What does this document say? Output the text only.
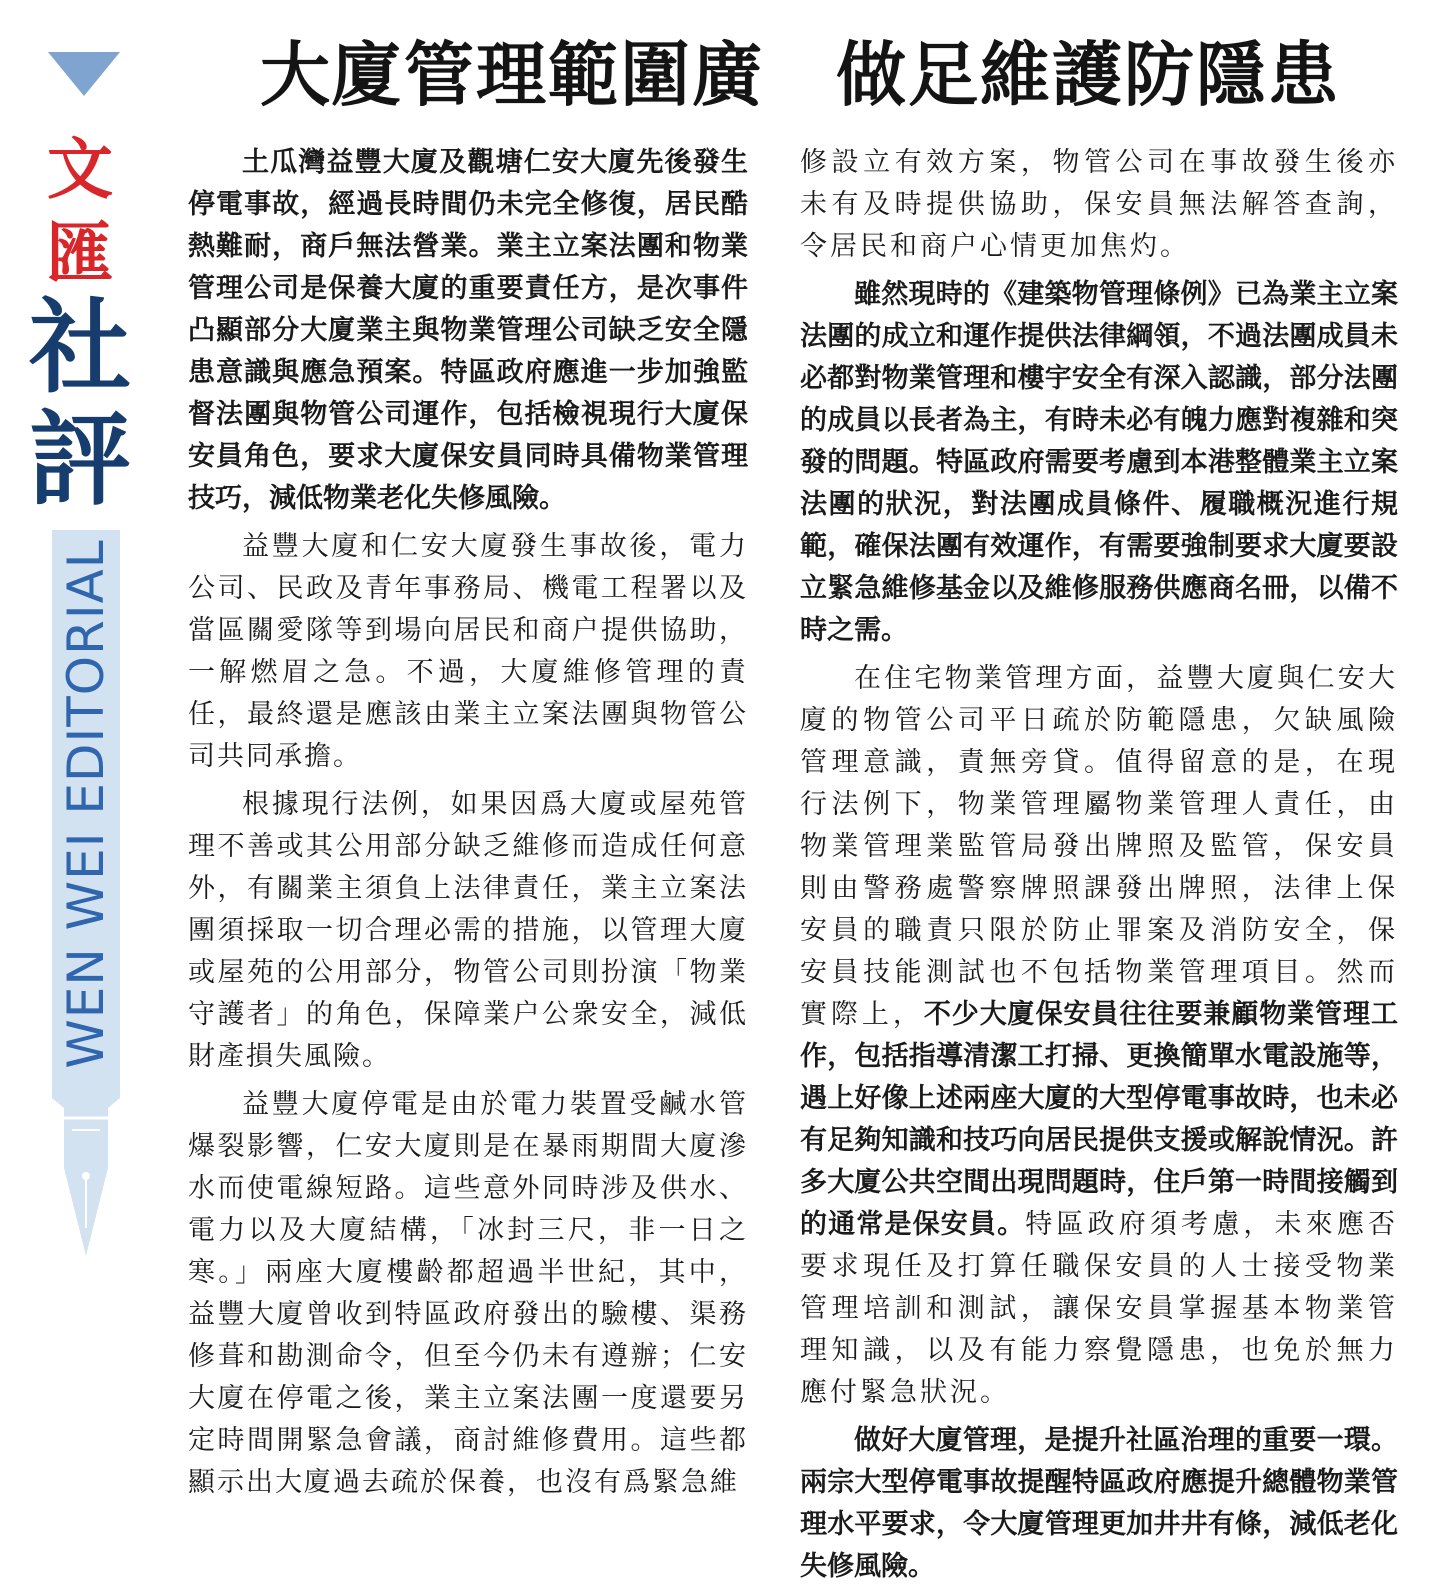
文匯
社評
WEN WEI EDITORIAL
大廈管理範圍廣　做足維護防隱患

土瓜灣益豐大廈及觀塘仁安大廈先後發生停電事故，經過長時間仍未完全修復，居民酷熱難耐，商戶無法營業。業主立案法團和物業管理公司是保養大廈的重要責任方，是次事件凸顯部分大廈業主與物業管理公司缺乏安全隱患意識與應急預案。特區政府應進一步加強監督法團與物管公司運作，包括檢視現行大廈保安員角色，要求大廈保安員同時具備物業管理技巧，減低物業老化失修風險。

益豐大廈和仁安大廈發生事故後，電力公司、民政及青年事務局、機電工程署以及當區關愛隊等到場向居民和商户提供協助，一解燃眉之急。不過，大廈維修管理的責任，最終還是應該由業主立案法團與物管公司共同承擔。

根據現行法例，如果因爲大廈或屋苑管理不善或其公用部分缺乏維修而造成任何意外，有關業主須負上法律責任，業主立案法團須採取一切合理必需的措施，以管理大廈或屋苑的公用部分，物管公司則扮演「物業守護者」的角色，保障業户公衆安全，減低財產損失風險。

益豐大廈停電是由於電力裝置受鹹水管爆裂影響，仁安大廈則是在暴雨期間大廈滲水而使電線短路。這些意外同時涉及供水、電力以及大廈結構，「冰封三尺，非一日之寒。」兩座大廈樓齡都超過半世紀，其中，益豐大廈曾收到特區政府發出的驗樓、渠務修葺和勘測命令，但至今仍未有遵辦；仁安大廈在停電之後，業主立案法團一度還要另定時間開緊急會議，商討維修費用。這些都顯示出大廈過去疏於保養，也沒有爲緊急維

修設立有效方案，物管公司在事故發生後亦未有及時提供協助，保安員無法解答查詢，令居民和商户心情更加焦灼。

雖然現時的《建築物管理條例》已為業主立案法團的成立和運作提供法律綱領，不過法團成員未必都對物業管理和樓宇安全有深入認識，部分法團的成員以長者為主，有時未必有魄力應對複雜和突發的問題。特區政府需要考慮到本港整體業主立案法團的狀況，對法團成員條件、履職概況進行規範，確保法團有效運作，有需要強制要求大廈要設立緊急維修基金以及維修服務供應商名冊，以備不時之需。

在住宅物業管理方面，益豐大廈與仁安大廈的物管公司平日疏於防範隱患，欠缺風險管理意識，責無旁貸。值得留意的是，在現行法例下，物業管理屬物業管理人責任，由物業管理業監管局發出牌照及監管，保安員則由警務處警察牌照課發出牌照，法律上保安員的職責只限於防止罪案及消防安全，保安員技能測試也不包括物業管理項目。然而實際上，不少大廈保安員往往要兼顧物業管理工作，包括指導清潔工打掃、更換簡單水電設施等，遇上好像上述兩座大廈的大型停電事故時，也未必有足夠知識和技巧向居民提供支援或解說情況。許多大廈公共空間出現問題時，住戶第一時間接觸到的通常是保安員。特區政府須考慮，未來應否要求現任及打算任職保安員的人士接受物業管理培訓和測試，讓保安員掌握基本物業管理知識，以及有能力察覺隱患，也免於無力應付緊急狀況。

做好大廈管理，是提升社區治理的重要一環。兩宗大型停電事故提醒特區政府應提升總體物業管理水平要求，令大廈管理更加井井有條，減低老化失修風險。
